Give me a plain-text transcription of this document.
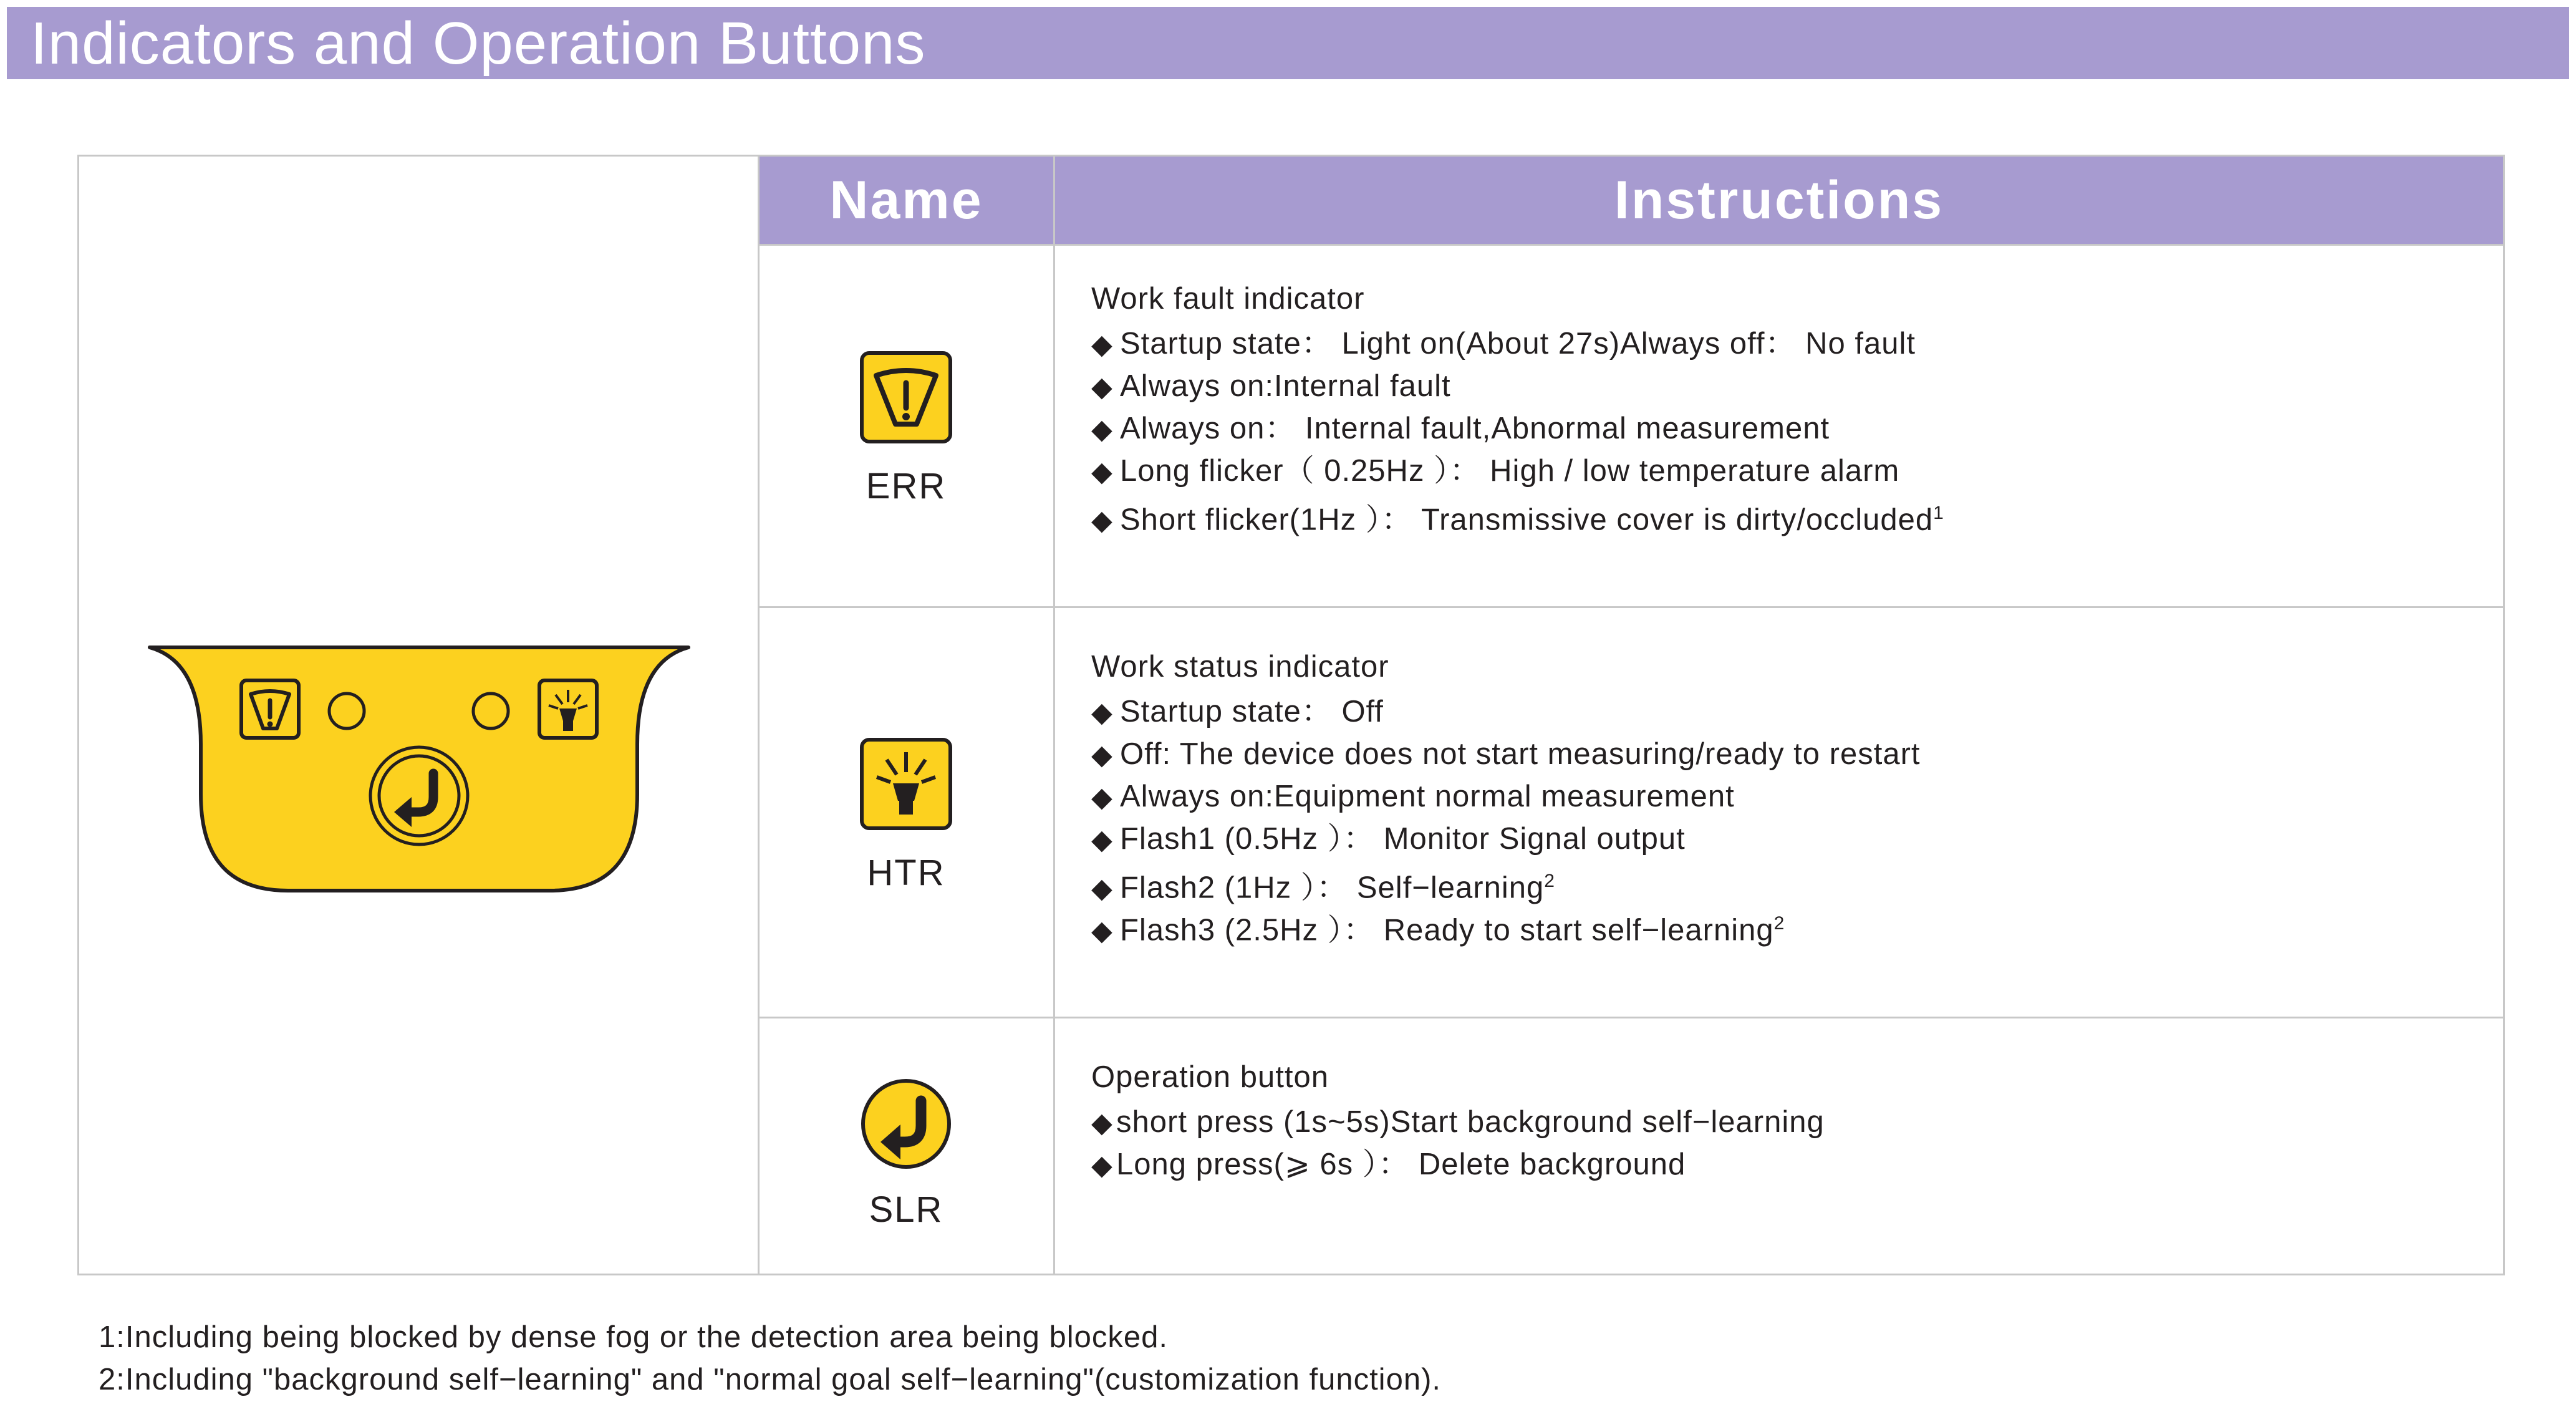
Indicators and Operation Buttons
Name	Instructions
ERR
Work fault indicator
◆ Startup state： Light on(About 27s)Always off： No fault
◆ Always on:Internal fault
◆ Always on： Internal fault,Abnormal measurement
◆ Long flicker（ 0.25Hz ）： High / low temperature alarm
◆ Short flicker(1Hz ）： Transmissive cover is dirty/occluded$^1$
HTR
Work status indicator
◆ Startup state： Off
◆ Off: The device does not start measuring/ready to restart
◆ Always on:Equipment normal measurement
◆ Flash1 (0.5Hz ）： Monitor Signal output
◆ Flash2 (1Hz ）： Self−learning$^2$
◆ Flash3 (2.5Hz ）： Ready to start self−learning$^2$
SLR
Operation button
◆ short press (1s~5s)Start background self−learning
◆ Long press(⩾ 6s ）： Delete background
1:Including being blocked by dense fog or the detection area being blocked.
2:Including "background self−learning" and "normal goal self−learning"(customization function).
